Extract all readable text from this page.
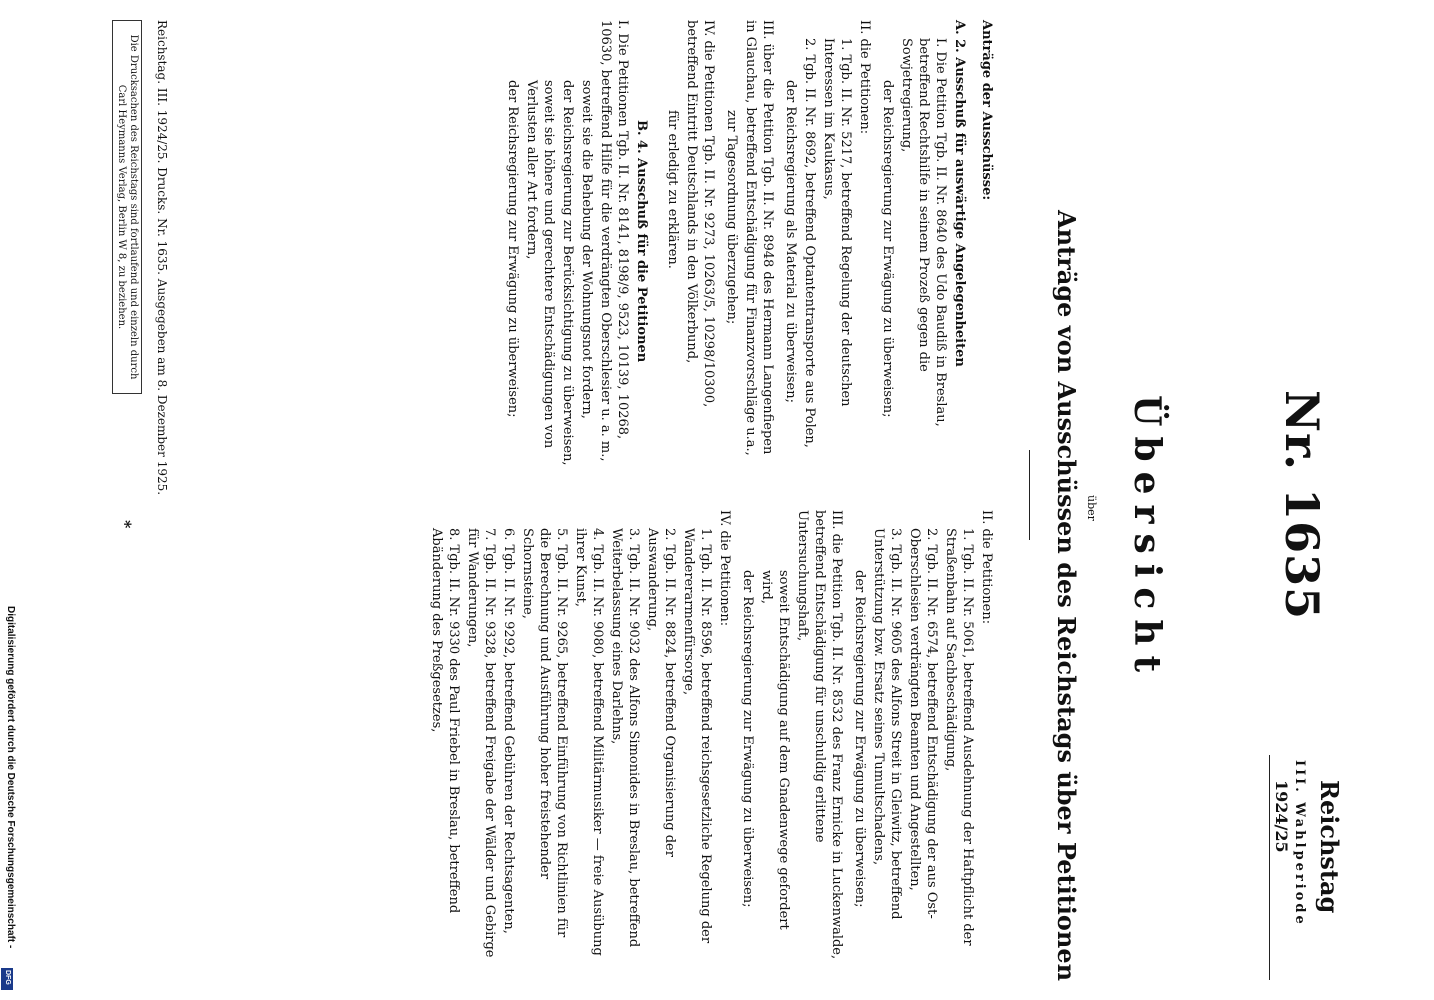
Reichstag
III. Wahlperiode
1924/25
Nr. 1635
Übersicht
über
Anträge von Ausschüssen des Reichstags über Petitionen

Anträge der Ausschüsse:

A. 2. Ausschuß für auswärtige Angelegenheiten

I. Die Petition Tgb. II. Nr. 8640 des Udo Baudiß in Breslau, betreffend Rechtshilfe in seinem Prozeß gegen die Sowjetregierung,

der Reichsregierung zur Erwägung zu überweisen;

II. die Petitionen:

1. Tgb. II. Nr. 5217, betreffend Regelung der deutschen Interessen im Kaukasus,

2. Tgb. II. Nr. 8692, betreffend Optantentransporte aus Polen,

der Reichsregierung als Material zu überweisen;

III. über die Petition Tgb. II. Nr. 8948 des Hermann Langenfiepen in Glauchau, betreffend Entschädigung für Finanzvorschläge u.a.,

zur Tagesordnung überzugehen;

IV. die Petitionen Tgb. II. Nr. 9273, 10263/5, 10298/10300, betreffend Eintritt Deutschlands in den Völkerbund,

für erledigt zu erklären.

B. 4. Ausschuß für die Petitionen

I. Die Petitionen Tgb. II. Nr. 8141, 8198/9, 9523, 10139, 10268, 10630, betreffend Hilfe für die verdrängten Oberschlesier u. a. m.,

soweit sie die Behebung der Wohnungsnot fordern,

der Reichsregierung zur Berücksichtigung zu überweisen,

soweit sie höhere und gerechtere Entschädigungen von Verlusten aller Art fordern,

der Reichsregierung zur Erwägung zu überweisen;

II. die Petitionen:

1. Tgb. II. Nr. 5061, betreffend Ausdehnung der Haftpflicht der Straßenbahn auf Sachbeschädigung,

2. Tgb. II. Nr. 6574, betreffend Entschädigung der aus Ost-Oberschlesien verdrängten Beamten und Angestellten,

3. Tgb. II. Nr. 9605 des Alfons Streit in Gleiwitz, betreffend Unterstützung bzw. Ersatz seines Tumultschadens,

der Reichsregierung zur Erwägung zu überweisen;

III. die Petition Tgb. II. Nr. 8532 des Franz Ernicke in Luckenwalde, betreffend Entschädigung für unschuldig erlittene Untersuchungshaft,

soweit Entschädigung auf dem Gnadenwege gefordert wird,

der Reichsregierung zur Erwägung zu überweisen;

IV. die Petitionen:

1. Tgb. II. Nr. 8596, betreffend reichsgesetzliche Regelung der Wandererarmenfürsorge,

2. Tgb. II. Nr. 8824, betreffend Organisierung der Auswanderung,

3. Tgb. II. Nr. 9032 des Alfons Simonides in Breslau, betreffend Weiterbelassung eines Darlehns,

4. Tgb. II. Nr. 9080, betreffend Militärmusiker — freie Ausübung ihrer Kunst,

5. Tgb. II. Nr. 9265, betreffend Einführung von Richtlinien für die Berechnung und Ausführung hoher freistehender Schornsteine,

6. Tgb. II. Nr. 9292, betreffend Gebühren der Rechtsagenten,

7. Tgb. II. Nr. 9328, betreffend Freigabe der Wälder und Gebirge für Wanderungen,

8. Tgb. II. Nr. 9330 des Paul Friebel in Breslau, betreffend Abänderung des Preßgesetzes,

Reichstag. III. 1924/25. Drucks. Nr. 1635. Ausgegeben am 8. Dezember 1925.
Die Drucksachen des Reichstags sind fortlaufend und einzeln durch Carl Heymanns Verlag, Berlin W 8, zu beziehen.
*
Digitalisierung gefördert durch die Deutsche Forschungsgemeinschaft -
DFG
